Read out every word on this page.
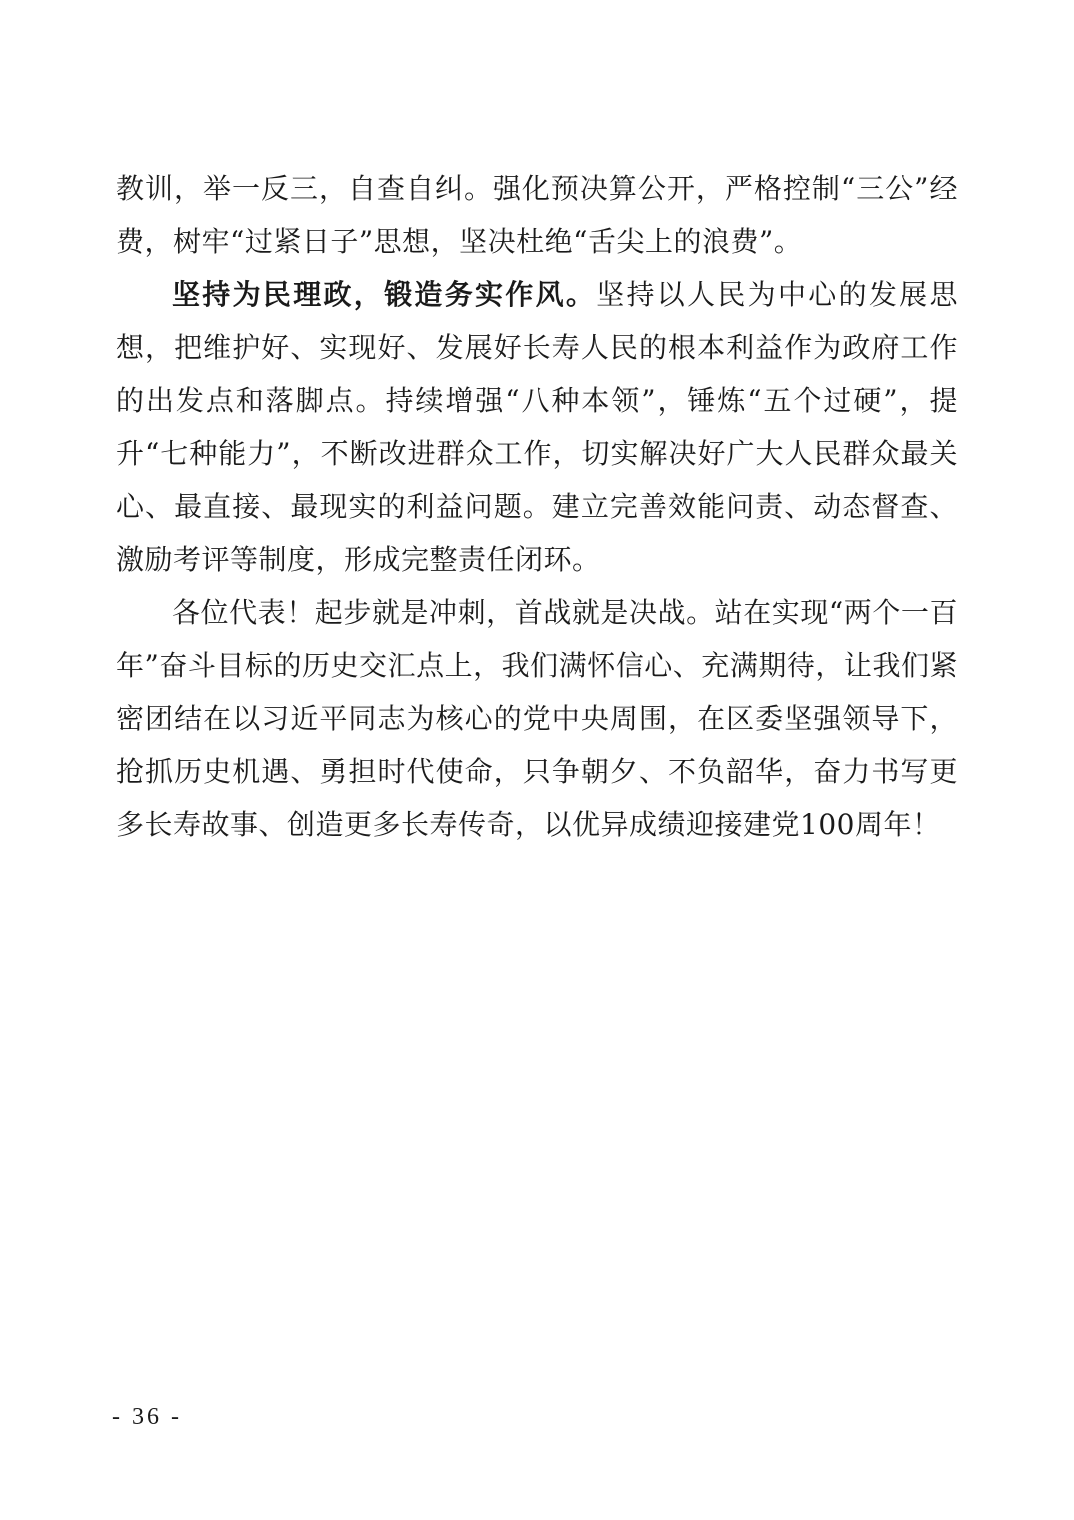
教训，举一反三，自查自纠。强化预决算公开，严格控制“三公”经费，树牢“过紧日子”思想，坚决杜绝“舌尖上的浪费”。

坚持为民理政，锻造务实作风。坚持以人民为中心的发展思想，把维护好、实现好、发展好长寿人民的根本利益作为政府工作的出发点和落脚点。持续增强“八种本领”，锤炼“五个过硬”，提升“七种能力”，不断改进群众工作，切实解决好广大人民群众最关心、最直接、最现实的利益问题。建立完善效能问责、动态督查、激励考评等制度，形成完整责任闭环。

各位代表！起步就是冲刺，首战就是决战。站在实现“两个一百年”奋斗目标的历史交汇点上，我们满怀信心、充满期待，让我们紧密团结在以习近平同志为核心的党中央周围，在区委坚强领导下，抢抓历史机遇、勇担时代使命，只争朝夕、不负韶华，奋力书写更多长寿故事、创造更多长寿传奇，以优异成绩迎接建党100周年！

- 36 -
